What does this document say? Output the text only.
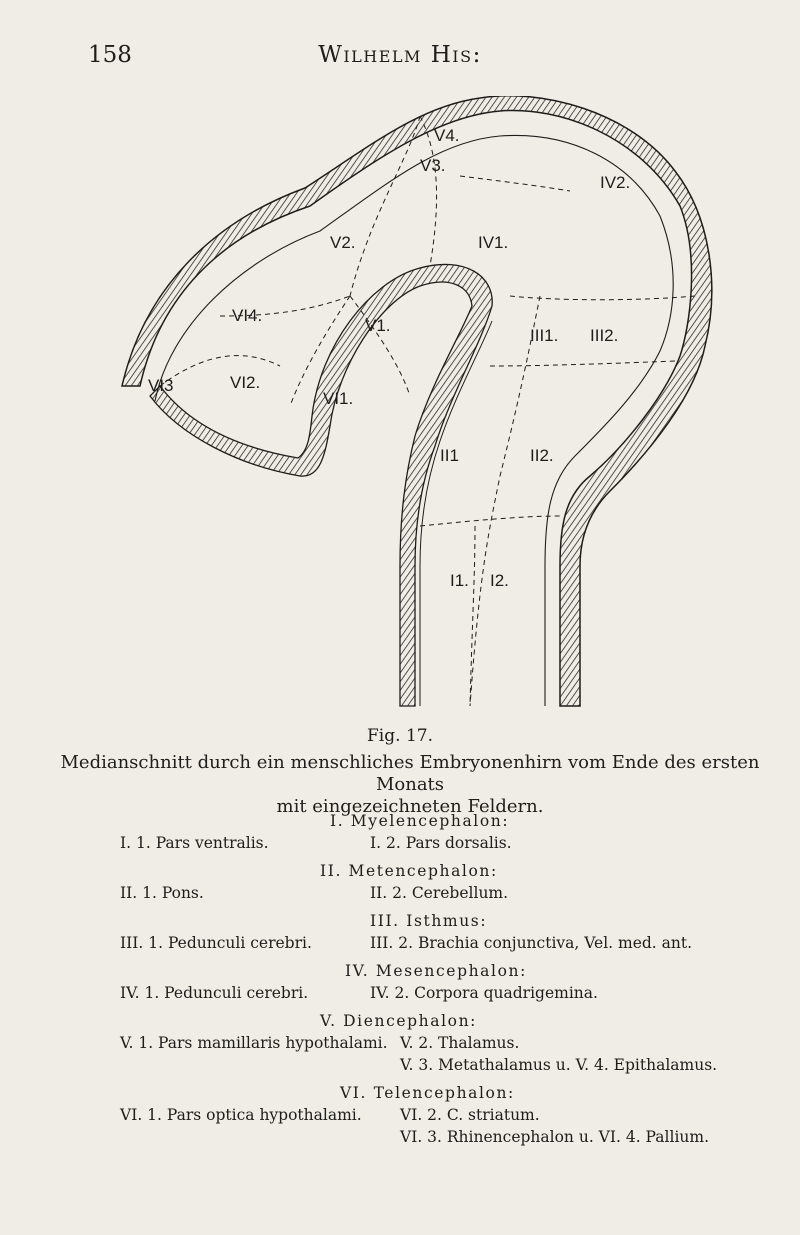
158	Wilhelm His:
V4.
V3.
IV2.
V2.	IV1.
VI4.
V1.
III1. III2.
VI2.
VI1.
VI3
II1	II2.
I1. I2.
Fig. 17.
Medianschnitt durch ein menschliches Embryonenhirn vom Ende des ersten Monats
mit eingezeichneten Feldern.
I. Myelencephalon:
I. 1. Pars ventralis.	I. 2. Pars dorsalis.
II. Metencephalon:
II. 1. Pons.	II. 2. Cerebellum.
III. Isthmus:
III. 1. Pedunculi cerebri.	III. 2. Brachia conjunctiva, Vel. med. ant.
IV. Mesencephalon:
IV. 1. Pedunculi cerebri.	IV. 2. Corpora quadrigemina.
V. Diencephalon:
V. 1. Pars mamillaris hypothalami. V. 2. Thalamus.
V. 3. Metathalamus u. V. 4. Epithalamus.
VI. Telencephalon:
VI. 1. Pars optica hypothalami. VI. 2. C. striatum.
VI. 3. Rhinencephalon u. VI. 4. Pallium.
